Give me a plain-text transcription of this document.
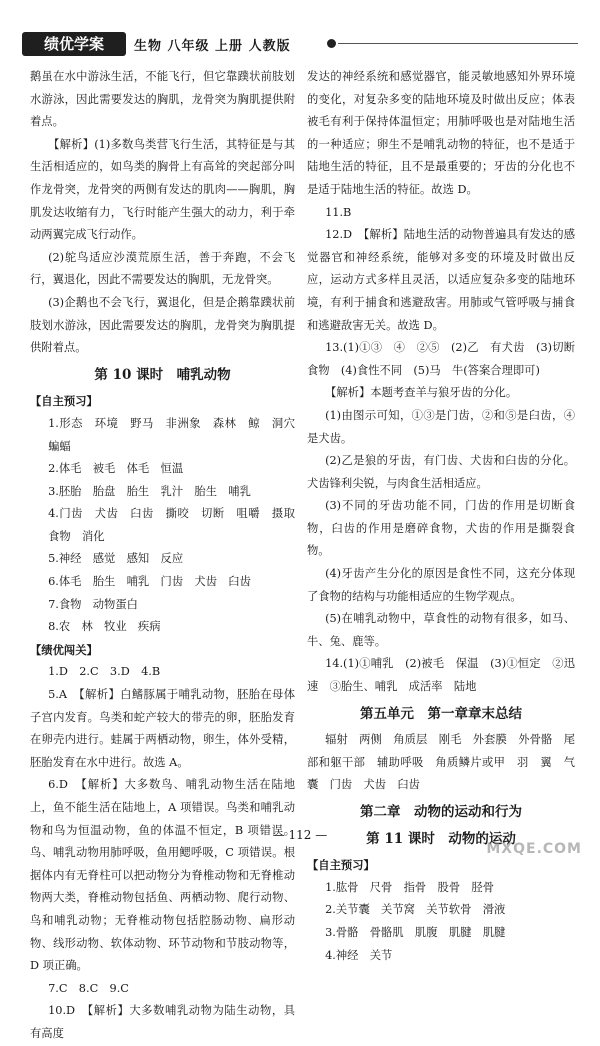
绩优学案	生物 八年级 上册 人教版

鹅虽在水中游泳生活，不能飞行，但它靠蹼状前肢划水游泳，因此需要发达的胸肌，龙骨突为胸肌提供附着点。

【解析】(1)多数鸟类营飞行生活，其特征是与其生活相适应的，如鸟类的胸骨上有高耸的突起部分叫作龙骨突，龙骨突的两侧有发达的肌肉——胸肌，胸肌发达收缩有力，飞行时能产生强大的动力，利于牵动两翼完成飞行动作。

(2)鸵鸟适应沙漠荒原生活，善于奔跑，不会飞行，翼退化，因此不需要发达的胸肌，无龙骨突。

(3)企鹅也不会飞行，翼退化，但是企鹅靠蹼状前肢划水游泳，因此需要发达的胸肌，龙骨突为胸肌提供附着点。

第 10 课时　哺乳动物

【自主预习】

1.形态　环境　野马　非洲象　森林　鲸　洞穴　蝙蝠

2.体毛　被毛　体毛　恒温

3.胚胎　胎盘　胎生　乳汁　胎生　哺乳

4.门齿　犬齿　臼齿　撕咬　切断　咀嚼　摄取食物　消化

5.神经　感觉　感知　反应

6.体毛　胎生　哺乳　门齿　犬齿　臼齿

7.食物　动物蛋白

8.农　林　牧业　疾病

【绩优闯关】

1.D　2.C　3.D　4.B

5.A　【解析】白鳍豚属于哺乳动物，胚胎在母体子宫内发育。鸟类和蛇产较大的带壳的卵，胚胎发育在卵壳内进行。蛙属于两栖动物，卵生，体外受精，胚胎发育在水中进行。故选 A。

6.D　【解析】大多数鸟、哺乳动物生活在陆地上，鱼不能生活在陆地上，A 项错误。鸟类和哺乳动物和鸟为恒温动物，鱼的体温不恒定，B 项错误。鸟、哺乳动物用肺呼吸，鱼用鳃呼吸，C 项错误。根据体内有无脊柱可以把动物分为脊椎动物和无脊椎动物两大类，脊椎动物包括鱼、两栖动物、爬行动物、鸟和哺乳动物；无脊椎动物包括腔肠动物、扁形动物、线形动物、软体动物、环节动物和节肢动物等，D 项正确。

7.C　8.C　9.C

10.D　【解析】大多数哺乳动物为陆生动物，具有高度

发达的神经系统和感觉器官，能灵敏地感知外界环境的变化，对复杂多变的陆地环境及时做出反应；体表被毛有利于保持体温恒定；用肺呼吸也是对陆地生活的一种适应；卵生不是哺乳动物的特征，也不是适于陆地生活的特征，且不是最重要的；牙齿的分化也不是适于陆地生活的特征。故选 D。

11.B

12.D　【解析】陆地生活的动物普遍具有发达的感觉器官和神经系统，能够对多变的环境及时做出反应，运动方式多样且灵活，以适应复杂多变的陆地环境，有利于捕食和逃避敌害。用肺或气管呼吸与捕食和逃避敌害无关。故选 D。

13.(1)①③　④　②⑤　(2)乙　有犬齿　(3)切断食物　(4)食性不同　(5)马　牛(答案合理即可)

【解析】本题考查羊与狼牙齿的分化。

(1)由图示可知，①③是门齿，②和⑤是臼齿，④是犬齿。

(2)乙是狼的牙齿，有门齿、犬齿和臼齿的分化。犬齿锋利尖锐，与肉食生活相适应。

(3)不同的牙齿功能不同，门齿的作用是切断食物，臼齿的作用是磨碎食物，犬齿的作用是撕裂食物。

(4)牙齿产生分化的原因是食性不同，这充分体现了食物的结构与功能相适应的生物学观点。

(5)在哺乳动物中，草食性的动物有很多，如马、牛、兔、鹿等。

14.(1)①哺乳　(2)被毛　保温　(3)①恒定　②迅速　③胎生、哺乳　成活率　陆地

第五单元　第一章章末总结

辐射　两侧　角质层　刚毛　外套膜　外骨骼　尾部和躯干部　辅助呼吸　角质鳞片或甲　羽　翼　气囊　门齿　犬齿　臼齿

第二章　动物的运动和行为

第 11 课时　动物的运动

【自主预习】

1.肱骨　尺骨　指骨　股骨　胫骨

2.关节囊　关节窝　关节软骨　滑液

3.骨骼　骨骼肌　肌腹　肌腱　肌腱

4.神经　关节

— 112 —
MXQE.COM
